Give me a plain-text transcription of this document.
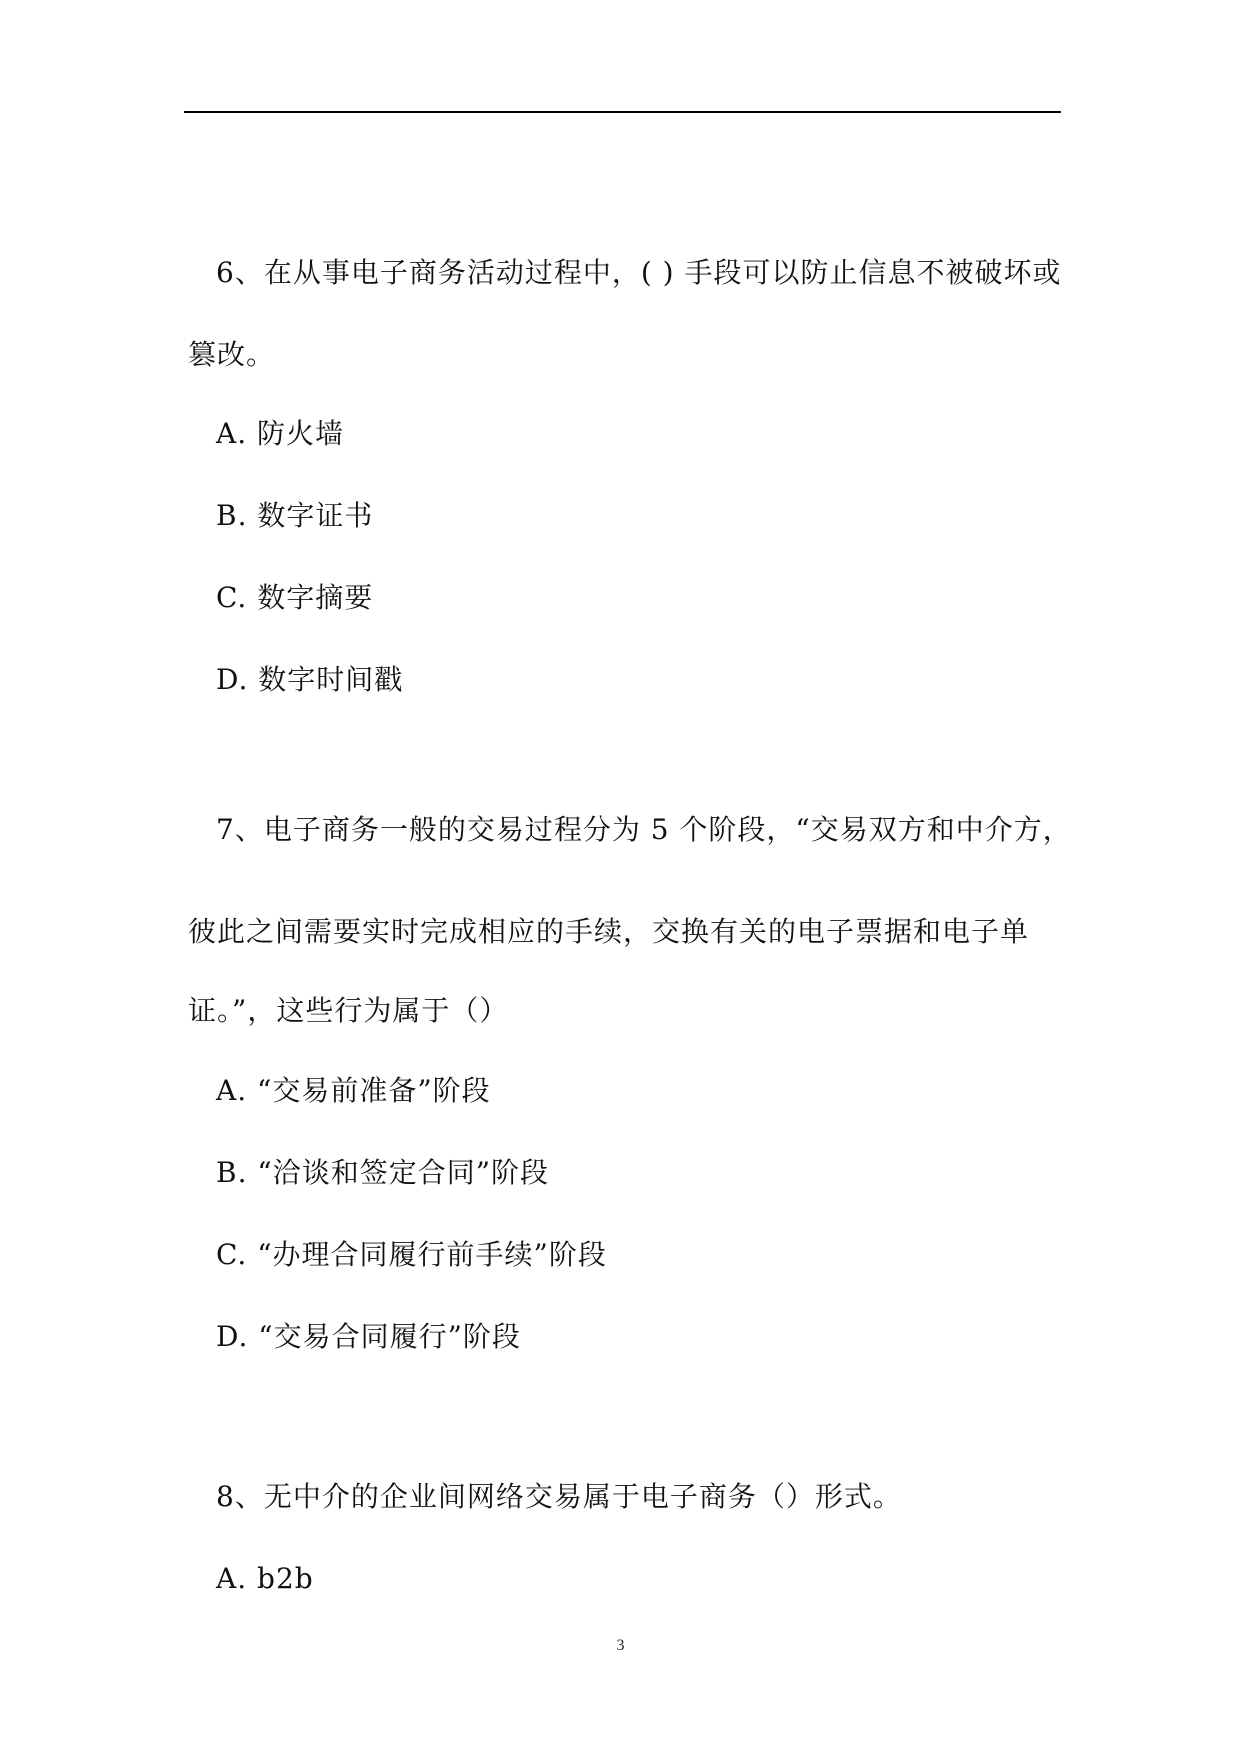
6、在从事电子商务活动过程中，( ) 手段可以防止信息不被破坏或
篡改。
A. 防火墙
B. 数字证书
C. 数字摘要
D. 数字时间戳
7、电子商务一般的交易过程分为 5 个阶段，“交易双方和中介方，
彼此之间需要实时完成相应的手续，交换有关的电子票据和电子单
证。”，这些行为属于（）
A. “交易前准备”阶段
B. “洽谈和签定合同”阶段
C. “办理合同履行前手续”阶段
D. “交易合同履行”阶段
8、无中介的企业间网络交易属于电子商务（）形式。
A. b2b
3
